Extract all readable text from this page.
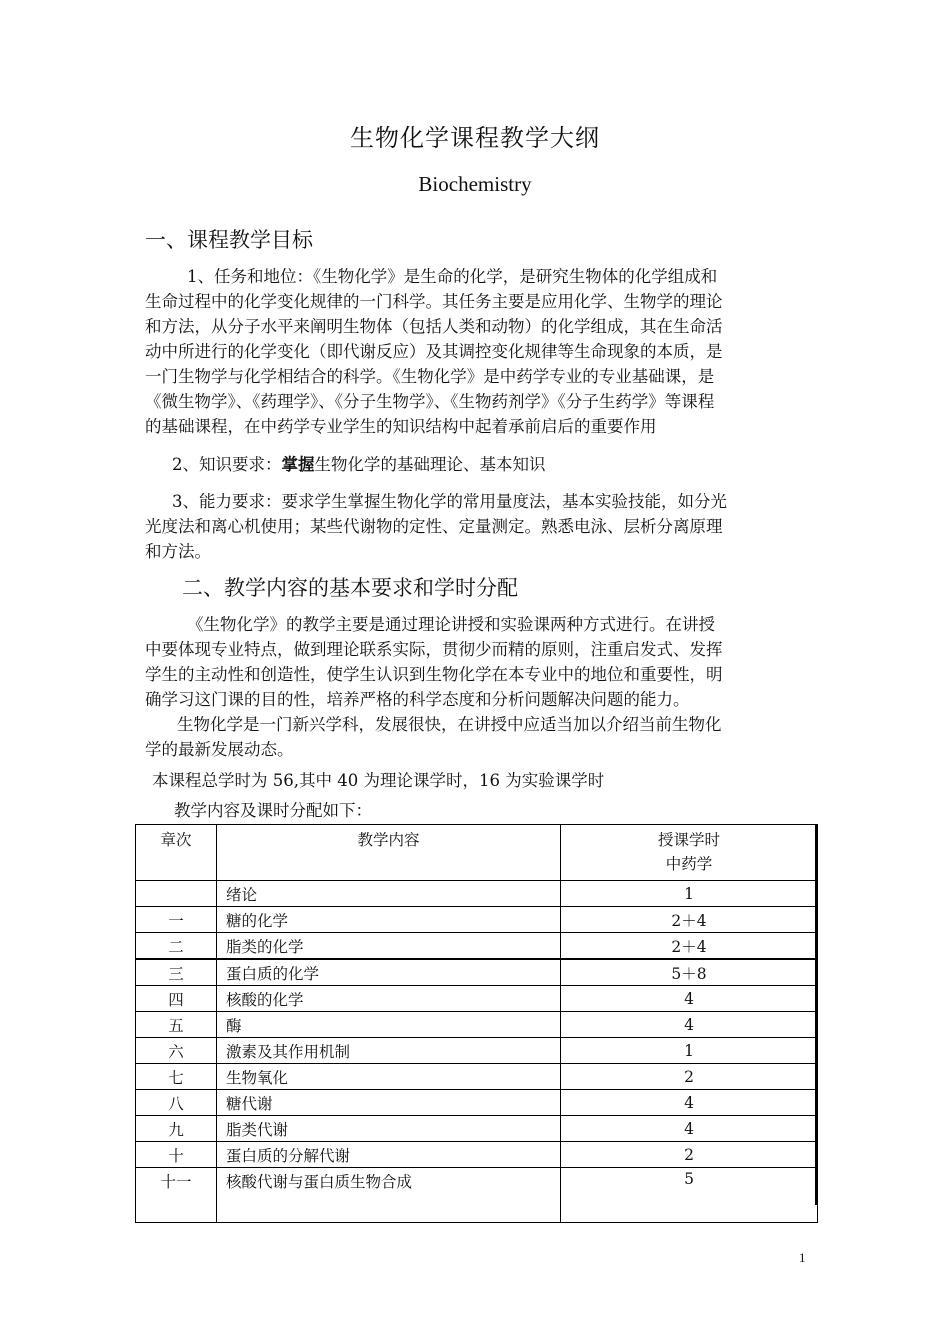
生物化学课程教学大纲
Biochemistry
一、课程教学目标
1、任务和地位：《生物化学》是生命的化学，是研究生物体的化学组成和
生命过程中的化学变化规律的一门科学。其任务主要是应用化学、生物学的理论
和方法，从分子水平来阐明生物体（包括人类和动物）的化学组成，其在生命活
动中所进行的化学变化（即代谢反应）及其调控变化规律等生命现象的本质，是
一门生物学与化学相结合的科学。《生物化学》是中药学专业的专业基础课，是
《微生物学》、《药理学》、《分子生物学》、《生物药剂学》《分子生药学》等课程
的基础课程，在中药学专业学生的知识结构中起着承前启后的重要作用
2、知识要求：掌握生物化学的基础理论、基本知识
3、能力要求：要求学生掌握生物化学的常用量度法，基本实验技能，如分光
光度法和离心机使用；某些代谢物的定性、定量测定。熟悉电泳、层析分离原理
和方法。
二、教学内容的基本要求和学时分配
《生物化学》的教学主要是通过理论讲授和实验课两种方式进行。在讲授
中要体现专业特点，做到理论联系实际，贯彻少而精的原则，注重启发式、发挥
学生的主动性和创造性，使学生认识到生物化学在本专业中的地位和重要性，明
确学习这门课的目的性，培养严格的科学态度和分析问题解决问题的能力。
生物化学是一门新兴学科，发展很快，在讲授中应适当加以介绍当前生物化
学的最新发展动态。
本课程总学时为 56,其中 40 为理论课学时，16 为实验课学时
教学内容及课时分配如下：
章次	教学内容	授课学时
中药学

	绪论	1
一	糖的化学	2＋4
二	脂类的化学	2＋4
三	蛋白质的化学	5＋8
四	核酸的化学	4
五	酶	4
六	激素及其作用机制	1
七	生物氧化	2
八	糖代谢	4
九	脂类代谢	4
十	蛋白质的分解代谢	2
十一	核酸代谢与蛋白质生物合成	5
1
